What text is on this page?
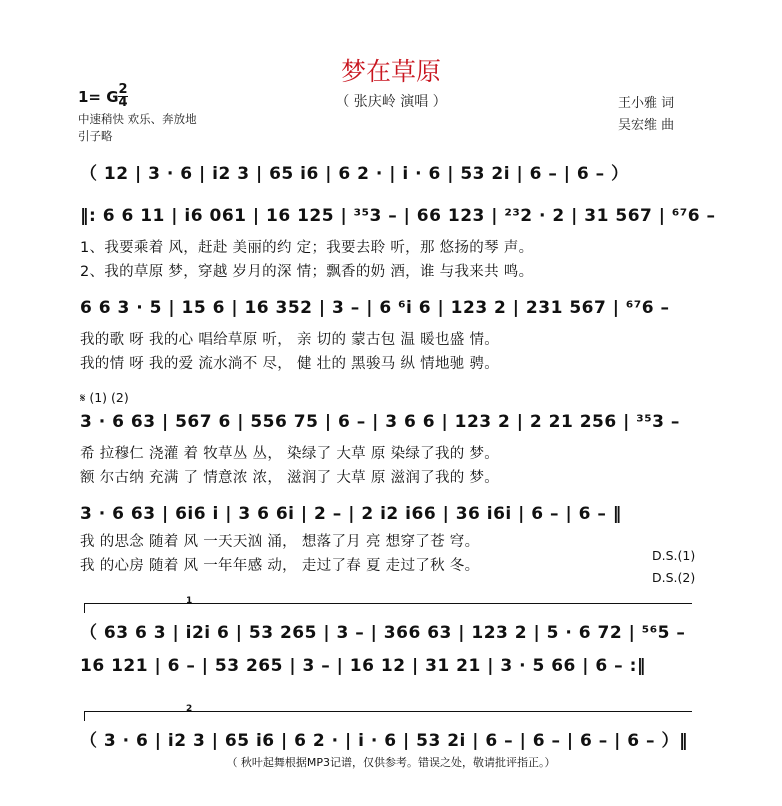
梦在草原
（ 张庆岭 演唱 ）	王小雅 词
吴宏维 曲
1= G 2
4
中速稍快 欢乐、奔放地
引子略
（ 12 | 3 · 6 | i2 3 | 65 i6 | 6 2 · | i · 6 | 53 2i | 6 – | 6 – ）
‖: 6 6 11 | i6 061 | 16 125 | ³⁵3 – | 66 123 | ²³2 · 2 | 31 567 | ⁶⁷6 –
1、我要乘着 风，赶赴 美丽的约 定；我要去聆 听，那 悠扬的琴 声。
2、我的草原 梦，穿越 岁月的深 情；飘香的奶 酒，谁 与我来共 鸣。
6 6 3 · 5 | 15 6 | 16 352 | 3 – | 6 ⁶i 6 | 123 2 | 231 567 | ⁶⁷6 –
我的歌 呀 我的心 唱给草原 听， 亲 切的 蒙古包 温 暖也盛 情。
我的情 呀 我的爱 流水淌不 尽， 健 壮的 黑骏马 纵 情地驰 骋。
𝄋 (1) (2)
3 · 6 63 | 567 6 | 556 75 | 6 – | 3 6 6 | 123 2 | 2 21 256 | ³⁵3 –
希 拉穆仁 浇灌 着 牧草丛 丛， 染绿了 大草 原 染绿了我的 梦。
额 尔古纳 充满 了 情意浓 浓， 滋润了 大草 原 滋润了我的 梦。
3 · 6 63 | 6i6 i | 3 6 6i | 2 – | 2 i2 i66 | 36 i6i | 6 – | 6 – ‖
我 的思念 随着 风 一天天汹 涌， 想落了月 亮 想穿了苍 穹。
我 的心房 随着 风 一年年感 动， 走过了春 夏 走过了秋 冬。
D.S.(1)
D.S.(2)
1
（ 63 6 3 | i2i 6 | 53 265 | 3 – | 366 63 | 123 2 | 5 · 6 72 | ⁵⁶5 –
16 121 | 6 – | 53 265 | 3 – | 16 12 | 31 21 | 3 · 5 66 | 6 – :‖
2
（ 3 · 6 | i2 3 | 65 i6 | 6 2 · | i · 6 | 53 2i | 6 – | 6 – | 6 – | 6 – ）‖
（ 秋叶起舞根据MP3记谱，仅供参考。错误之处，敬请批评指正。）
